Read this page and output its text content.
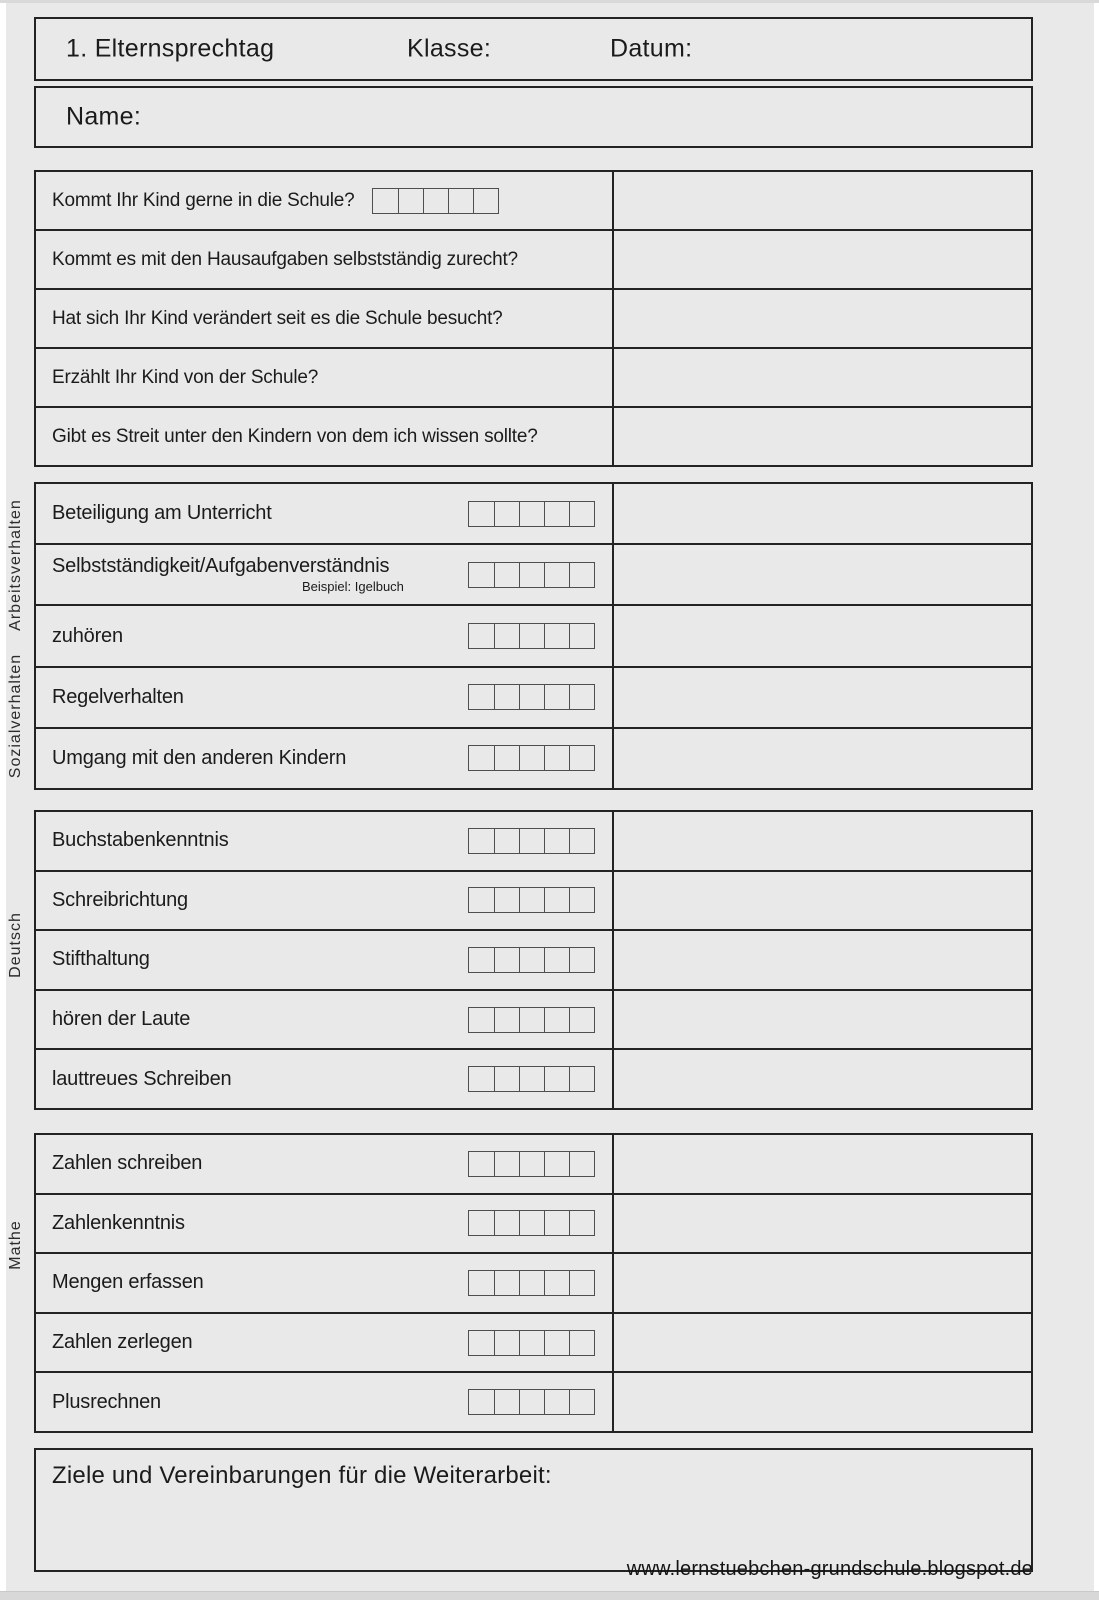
1. Elternsprechtag	Klasse:	Datum:
Name:
Kommt Ihr Kind gerne in die Schule?
Kommt es mit den Hausaufgaben selbstständig zurecht?
Hat sich Ihr Kind verändert seit es die Schule besucht?
Erzählt Ihr Kind von der Schule?
Gibt es Streit unter den Kindern von dem ich wissen sollte?
Arbeitsverhalten
Sozialverhalten
Beteiligung am Unterricht
Selbstständigkeit/Aufgabenverständnis
Beispiel: Igelbuch
zuhören
Regelverhalten
Umgang mit den anderen Kindern
Deutsch
Buchstabenkenntnis
Schreibrichtung
Stifthaltung
hören der Laute
lauttreues Schreiben
Mathe
Zahlen schreiben
Zahlenkenntnis
Mengen erfassen
Zahlen zerlegen
Plusrechnen
Ziele und Vereinbarungen für die Weiterarbeit:
www.lernstuebchen-grundschule.blogspot.de
